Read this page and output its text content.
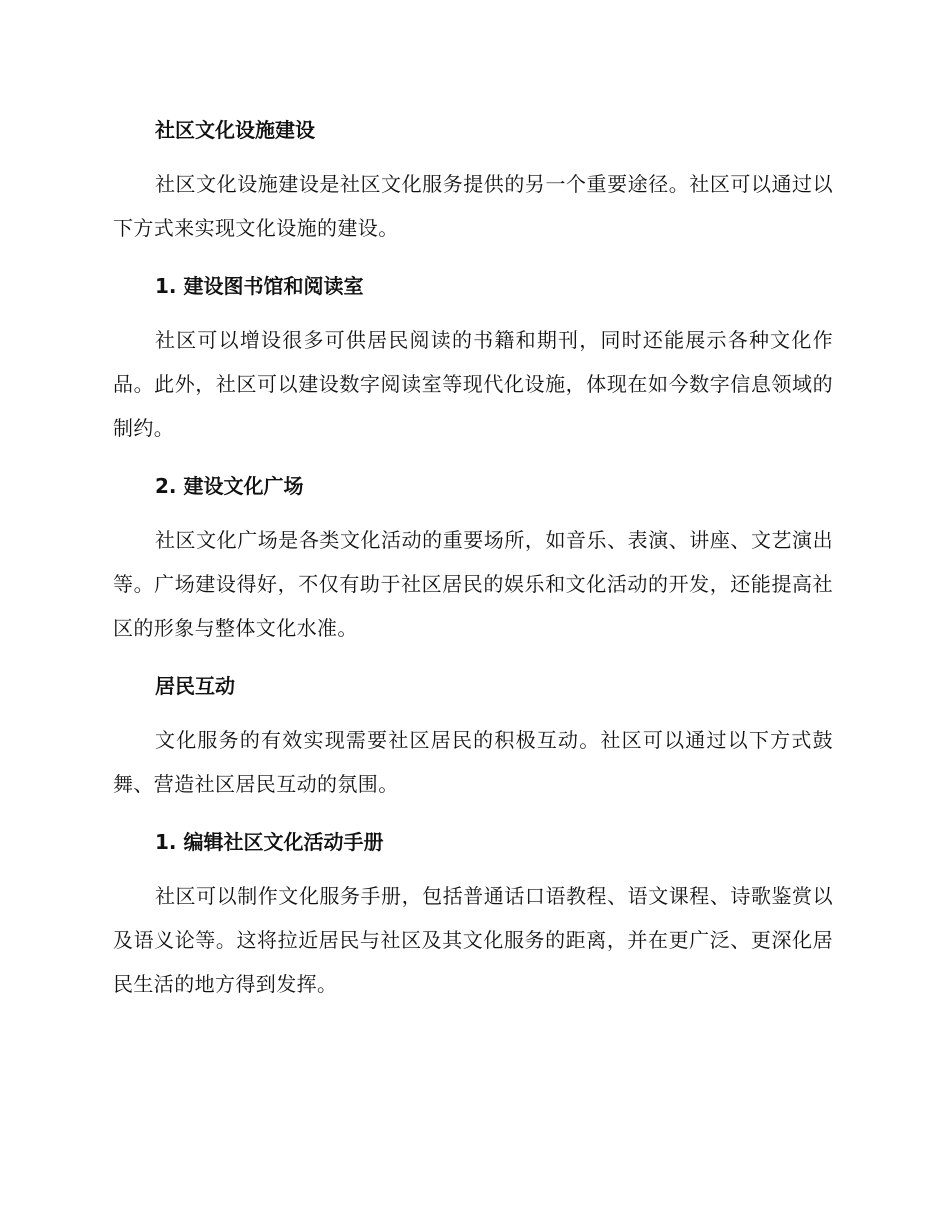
社区文化设施建设

社区文化设施建设是社区文化服务提供的另一个重要途径。社区可以通过以下方式来实现文化设施的建设。

1. 建设图书馆和阅读室

社区可以增设很多可供居民阅读的书籍和期刊，同时还能展示各种文化作品。此外，社区可以建设数字阅读室等现代化设施，体现在如今数字信息领域的制约。

2. 建设文化广场

社区文化广场是各类文化活动的重要场所，如音乐、表演、讲座、文艺演出等。广场建设得好，不仅有助于社区居民的娱乐和文化活动的开发，还能提高社区的形象与整体文化水准。

居民互动

文化服务的有效实现需要社区居民的积极互动。社区可以通过以下方式鼓舞、营造社区居民互动的氛围。

1. 编辑社区文化活动手册

社区可以制作文化服务手册，包括普通话口语教程、语文课程、诗歌鉴赏以及语义论等。这将拉近居民与社区及其文化服务的距离，并在更广泛、更深化居民生活的地方得到发挥。
